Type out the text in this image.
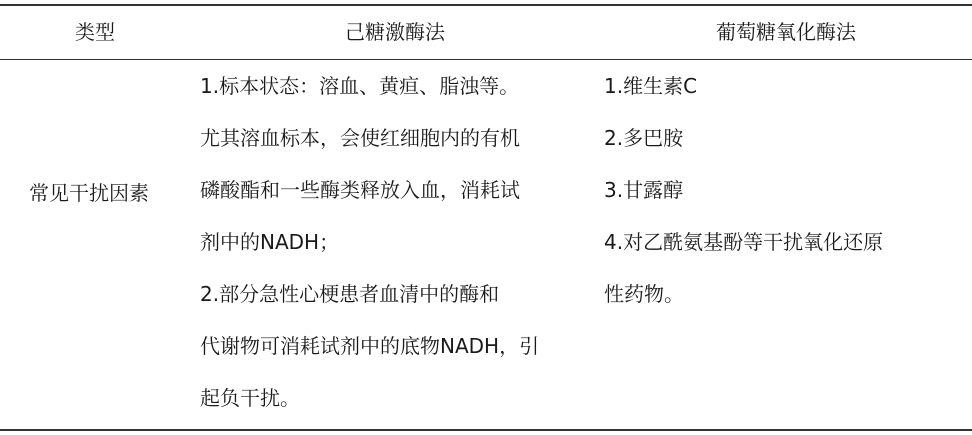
类型	己糖激酶法	葡萄糖氧化酶法
常见干扰因素
1.标本状态：溶血、黄疸、脂浊等。
尤其溶血标本，会使红细胞内的有机
磷酸酯和一些酶类释放入血，消耗试
剂中的NADH；
2.部分急性心梗患者血清中的酶和
代谢物可消耗试剂中的底物NADH，引
起负干扰。
1.维生素C
2.多巴胺
3.甘露醇
4.对乙酰氨基酚等干扰氧化还原
性药物。
